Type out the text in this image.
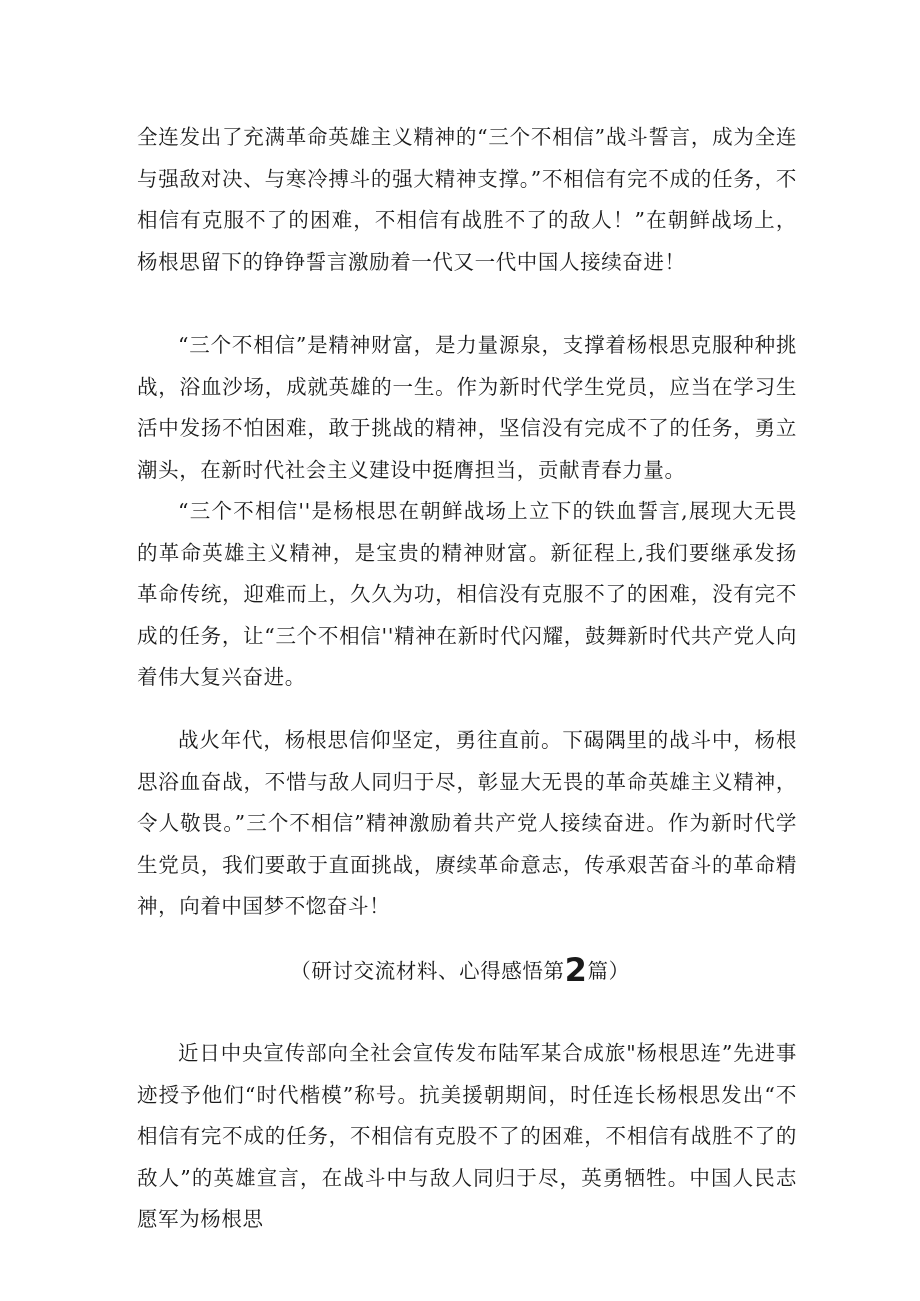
全连发出了充满革命英雄主义精神的“三个不相信”战斗誓言，成为全连与强敌对决、与寒冷搏斗的强大精神支撑。”不相信有完不成的任务，不相信有克服不了的困难，不相信有战胜不了的敌人！”在朝鲜战场上，杨根思留下的铮铮誓言激励着一代又一代中国人接续奋进！

“三个不相信”是精神财富，是力量源泉，支撑着杨根思克服种种挑战，浴血沙场，成就英雄的一生。作为新时代学生党员，应当在学习生活中发扬不怕困难，敢于挑战的精神，坚信没有完成不了的任务，勇立潮头，在新时代社会主义建设中挺膺担当，贡献青春力量。

“三个不相信''是杨根思在朝鲜战场上立下的铁血誓言,展现大无畏的革命英雄主义精神，是宝贵的精神财富。新征程上,我们要继承发扬革命传统，迎难而上，久久为功，相信没有克服不了的困难，没有完不成的任务，让“三个不相信''精神在新时代闪耀，鼓舞新时代共产党人向着伟大复兴奋进。

战火年代，杨根思信仰坚定，勇往直前。下碣隅里的战斗中，杨根思浴血奋战，不惜与敌人同归于尽，彰显大无畏的革命英雄主义精神，令人敬畏。”三个不相信”精神激励着共产党人接续奋进。作为新时代学生党员，我们要敢于直面挑战，赓续革命意志，传承艰苦奋斗的革命精神，向着中国梦不惚奋斗！

（研讨交流材料、心得感悟第2篇）

近日中央宣传部向全社会宣传发布陆军某合成旅"杨根思连”先进事迹授予他们“时代楷模”称号。抗美援朝期间，时任连长杨根思发出“不相信有完不成的任务，不相信有克股不了的困难，不相信有战胜不了的敌人”的英雄宣言，在战斗中与敌人同归于尽，英勇牺牲。中国人民志愿军为杨根思
